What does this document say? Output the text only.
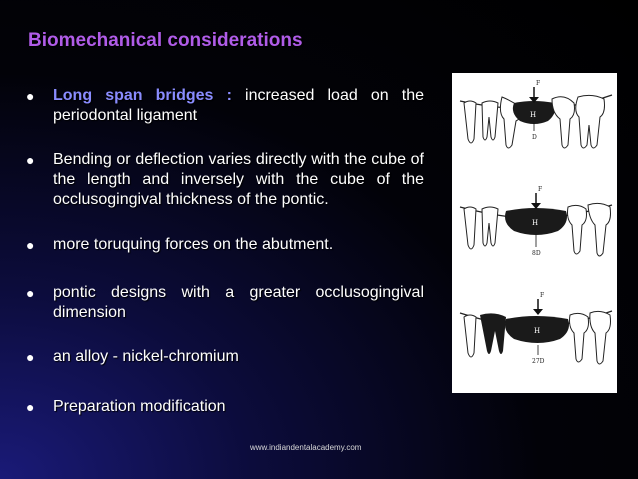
Biomechanical considerations
●	Long span bridges : increased load on the periodontal ligament
●	Bending or deflection varies directly with the cube of the length and inversely with the cube of the occlusogingival thickness of the pontic.
●	more toruquing forces on the abutment.
●	pontic designs with a greater occlusogingival dimension
●	an alloy - nickel-chromium
●	Preparation modification
F
H
D
F
H
8D
F
H
27D
www.indiandentalacademy.com
